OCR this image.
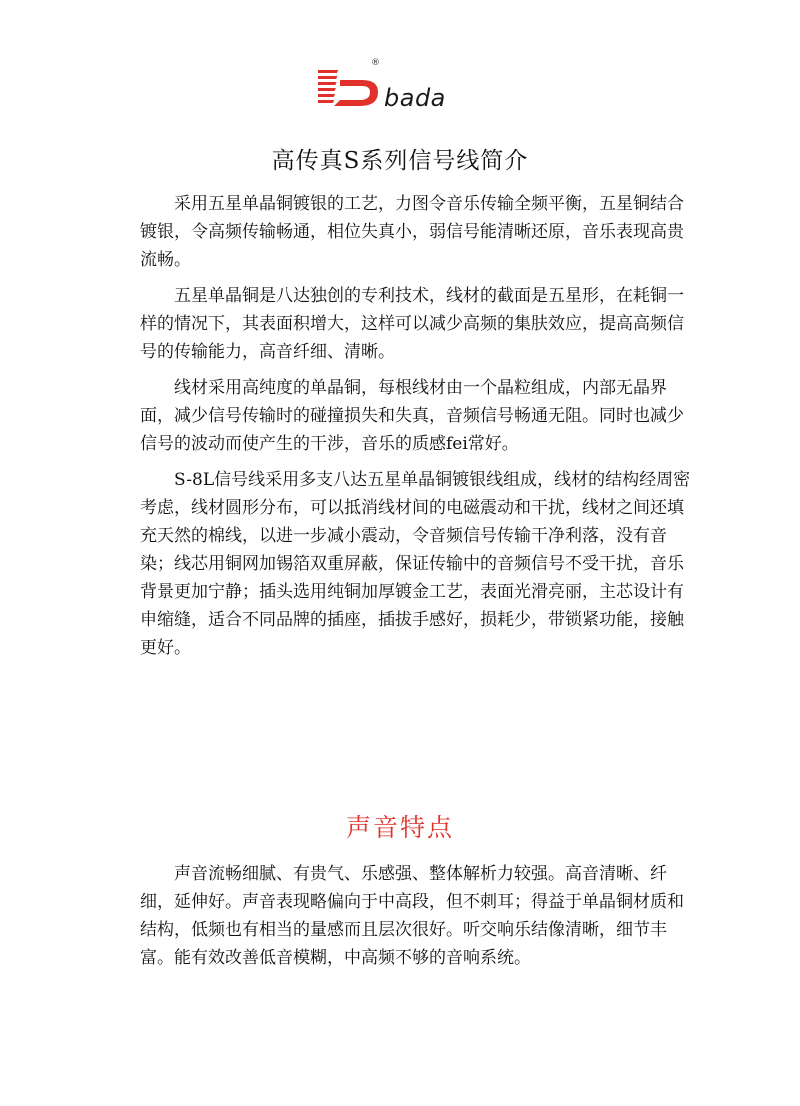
®
bada
高传真S系列信号线简介

采用五星单晶铜镀银的工艺，力图令音乐传输全频平衡，五星铜结合镀银，令高频传输畅通，相位失真小，弱信号能清晰还原，音乐表现高贵流畅。

五星单晶铜是八达独创的专利技术，线材的截面是五星形，在耗铜一样的情况下，其表面积增大，这样可以减少高频的集肤效应，提高高频信号的传输能力，高音纤细、清晰。

线材采用高纯度的单晶铜，每根线材由一个晶粒组成，内部无晶界面，减少信号传输时的碰撞损失和失真，音频信号畅通无阻。同时也减少信号的波动而使产生的干涉，音乐的质感fei常好。

S-8L信号线采用多支八达五星单晶铜镀银线组成，线材的结构经周密考虑，线材圆形分布，可以抵消线材间的电磁震动和干扰，线材之间还填充天然的棉线，以进一步减小震动，令音频信号传输干净利落，没有音染；线芯用铜网加锡箔双重屏蔽，保证传输中的音频信号不受干扰，音乐背景更加宁静；插头选用纯铜加厚镀金工艺，表面光滑亮丽，主芯设计有申缩缝，适合不同品牌的插座，插拔手感好，损耗少，带锁紧功能，接触更好。

声音特点

声音流畅细腻、有贵气、乐感强、整体解析力较强。高音清晰、纤细，延伸好。声音表现略偏向于中高段，但不刺耳；得益于单晶铜材质和结构，低频也有相当的量感而且层次很好。听交响乐结像清晰，细节丰富。能有效改善低音模糊，中高频不够的音响系统。
